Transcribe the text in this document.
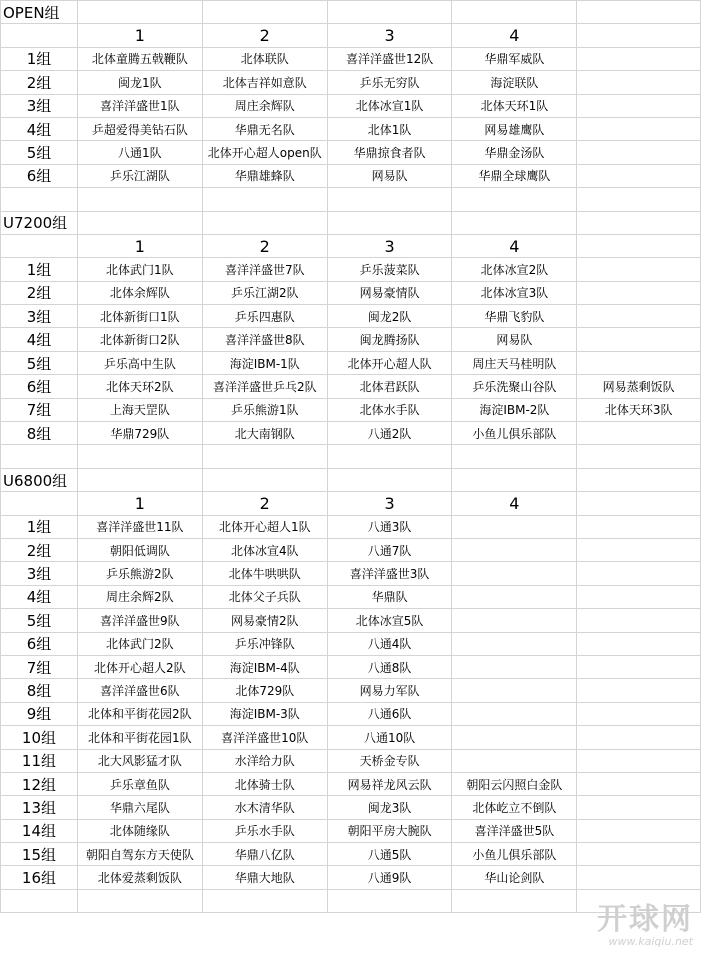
OPEN组					
	1	2	3	4	
1组	北体童腾五戟鞭队	北体联队	喜洋洋盛世12队	华鼎军威队	
2组	闽龙1队	北体吉祥如意队	乒乐无穷队	海淀联队	
3组	喜洋洋盛世1队	周庄余辉队	北体冰宣1队	北体天环1队	
4组	乒超爱得美钻石队	华鼎无名队	北体1队	网易雄鹰队	
5组	八通1队	北体开心超人open队	华鼎掠食者队	华鼎金汤队	
6组	乒乐江湖队	华鼎雄蜂队	网易队	华鼎全球鹰队	

U7200组					
	1	2	3	4	
1组	北体武门1队	喜洋洋盛世7队	乒乐菠菜队	北体冰宣2队	
2组	北体余辉队	乒乐江湖2队	网易豪情队	北体冰宣3队	
3组	北体新街口1队	乒乐四惠队	闽龙2队	华鼎飞豹队	
4组	北体新街口2队	喜洋洋盛世8队	闽龙腾扬队	网易队	
5组	乒乐高中生队	海淀IBM-1队	北体开心超人队	周庄天马桂明队	
6组	北体天环2队	喜洋洋盛世乒乓2队	北体君跃队	乒乐洗聚山谷队	网易蒸剩饭队
7组	上海天罡队	乒乐熊游1队	北体水手队	海淀IBM-2队	北体天环3队
8组	华鼎729队	北大南钢队	八通2队	小鱼儿俱乐部队	

U6800组					
	1	2	3	4	
1组	喜洋洋盛世11队	北体开心超人1队	八通3队		
2组	朝阳低调队	北体冰宣4队	八通7队		
3组	乒乐熊游2队	北体牛哄哄队	喜洋洋盛世3队		
4组	周庄余辉2队	北体父子兵队	华鼎队		
5组	喜洋洋盛世9队	网易豪情2队	北体冰宣5队		
6组	北体武门2队	乒乐冲锋队	八通4队		
7组	北体开心超人2队	海淀IBM-4队	八通8队		
8组	喜洋洋盛世6队	北体729队	网易力军队		
9组	北体和平街花园2队	海淀IBM-3队	八通6队		
10组	北体和平街花园1队	喜洋洋盛世10队	八通10队		
11组	北大风影猛才队	水洋给力队	天桥金专队		
12组	乒乐章鱼队	北体骑士队	网易祥龙风云队	朝阳云闪照白金队	
13组	华鼎六尾队	水木清华队	闽龙3队	北体屹立不倒队	
14组	北体随缘队	乒乐水手队	朝阳平房大腕队	喜洋洋盛世5队	
15组	朝阳自驾东方天使队	华鼎八亿队	八通5队	小鱼儿俱乐部队	
16组	北体爱蒸剩饭队	华鼎大地队	八通9队	华山论剑队	

开球网
www.kaiqiu.net
